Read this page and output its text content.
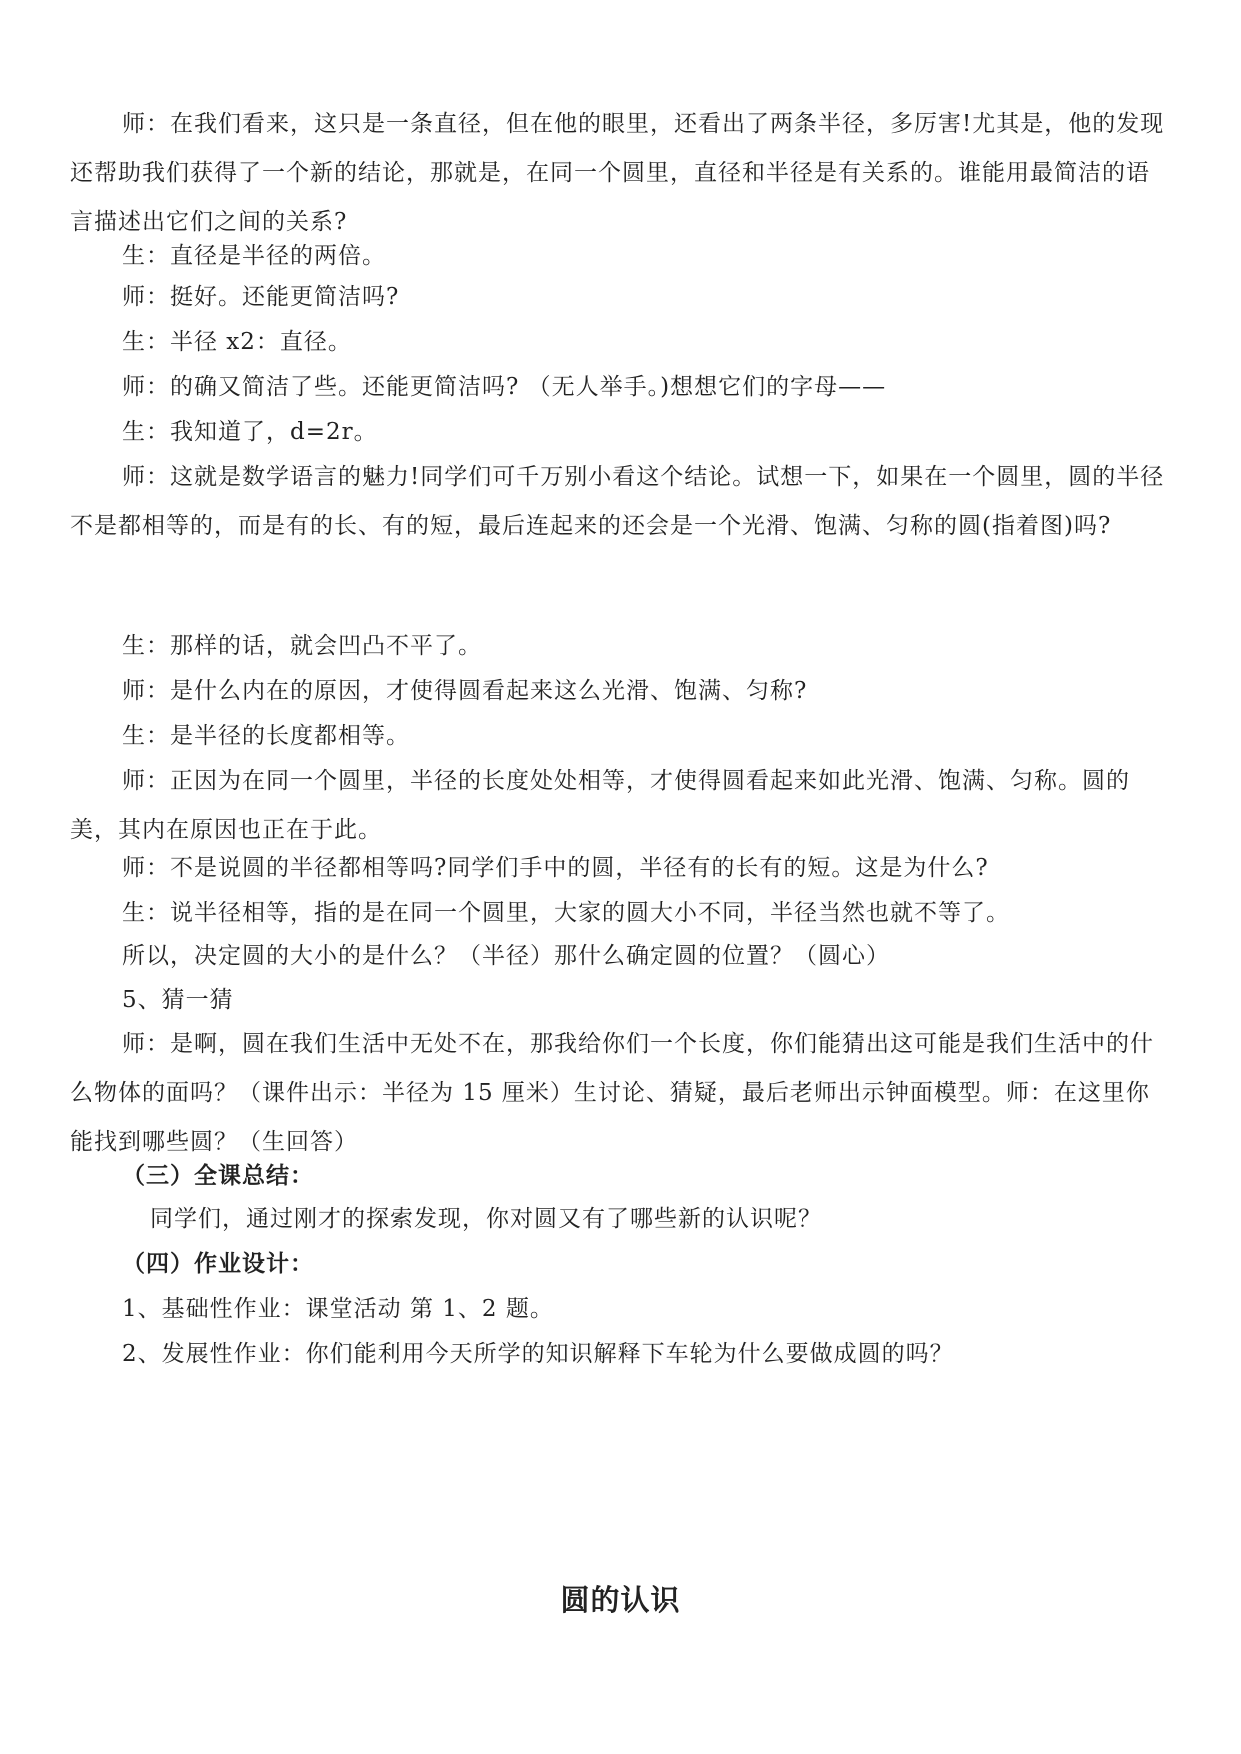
师：在我们看来，这只是一条直径，但在他的眼里，还看出了两条半径，多厉害!尤其是，他的发现还帮助我们获得了一个新的结论，那就是，在同一个圆里，直径和半径是有关系的。谁能用最简洁的语言描述出它们之间的关系?

生：直径是半径的两倍。

师：挺好。还能更简洁吗?

生：半径 x2：直径。

师：的确又简洁了些。还能更简洁吗? （无人举手。)想想它们的字母——

生：我知道了，d=2r。

师：这就是数学语言的魅力!同学们可千万别小看这个结论。试想一下，如果在一个圆里，圆的半径不是都相等的，而是有的长、有的短，最后连起来的还会是一个光滑、饱满、匀称的圆(指着图)吗?

生：那样的话，就会凹凸不平了。

师：是什么内在的原因，才使得圆看起来这么光滑、饱满、匀称?

生：是半径的长度都相等。

师：正因为在同一个圆里，半径的长度处处相等，才使得圆看起来如此光滑、饱满、匀称。圆的美，其内在原因也正在于此。

师：不是说圆的半径都相等吗?同学们手中的圆，半径有的长有的短。这是为什么?

生：说半径相等，指的是在同一个圆里，大家的圆大小不同，半径当然也就不等了。

所以，决定圆的大小的是什么？（半径）那什么确定圆的位置？（圆心）

5、猜一猜

师：是啊，圆在我们生活中无处不在，那我给你们一个长度，你们能猜出这可能是我们生活中的什么物体的面吗？（课件出示：半径为 15 厘米）生讨论、猜疑，最后老师出示钟面模型。师：在这里你能找到哪些圆？（生回答）

（三）全课总结：

同学们，通过刚才的探索发现，你对圆又有了哪些新的认识呢？

（四）作业设计：

1、基础性作业：课堂活动 第 1、2 题。

2、发展性作业：你们能利用今天所学的知识解释下车轮为什么要做成圆的吗？

圆的认识
